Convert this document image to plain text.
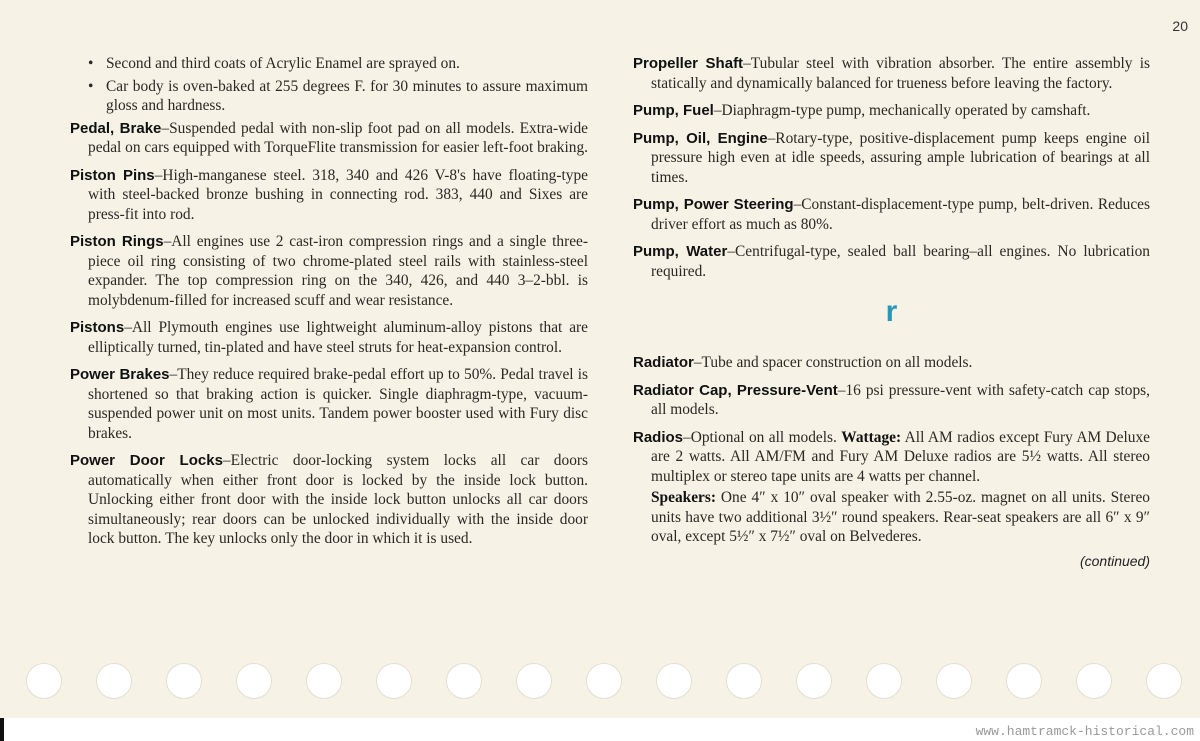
20

• Second and third coats of Acrylic Enamel are sprayed on.

• Car body is oven-baked at 255 degrees F. for 30 minutes to assure maximum gloss and hardness.

Pedal, Brake–Suspended pedal with non-slip foot pad on all models. Extra-wide pedal on cars equipped with TorqueFlite transmission for easier left-foot braking.

Piston Pins–High-manganese steel. 318, 340 and 426 V-8's have floating-type with steel-backed bronze bushing in connecting rod. 383, 440 and Sixes are press-fit into rod.

Piston Rings–All engines use 2 cast-iron compression rings and a single three-piece oil ring consisting of two chrome-plated steel rails with stainless-steel expander. The top compression ring on the 340, 426, and 440 3–2-bbl. is molybdenum-filled for increased scuff and wear resistance.

Pistons–All Plymouth engines use lightweight aluminum-alloy pistons that are elliptically turned, tin-plated and have steel struts for heat-expansion control.

Power Brakes–They reduce required brake-pedal effort up to 50%. Pedal travel is shortened so that braking action is quicker. Single diaphragm-type, vacuum-suspended power unit on most units. Tandem power booster used with Fury disc brakes.

Power Door Locks–Electric door-locking system locks all car doors automatically when either front door is locked by the inside lock button. Unlocking either front door with the inside lock button unlocks all car doors simultaneously; rear doors can be unlocked individually with the inside door lock button. The key unlocks only the door in which it is used.

Propeller Shaft–Tubular steel with vibration absorber. The entire assembly is statically and dynamically balanced for trueness before leaving the factory.

Pump, Fuel–Diaphragm-type pump, mechanically operated by camshaft.

Pump, Oil, Engine–Rotary-type, positive-displacement pump keeps engine oil pressure high even at idle speeds, assuring ample lubrication of bearings at all times.

Pump, Power Steering–Constant-displacement-type pump, belt-driven. Reduces driver effort as much as 80%.

Pump, Water–Centrifugal-type, sealed ball bearing–all engines. No lubrication required.

r

Radiator–Tube and spacer construction on all models.

Radiator Cap, Pressure-Vent–16 psi pressure-vent with safety-catch cap stops, all models.

Radios–Optional on all models. Wattage: All AM radios except Fury AM Deluxe are 2 watts. All AM/FM and Fury AM Deluxe radios are 5½ watts. All stereo multiplex or stereo tape units are 4 watts per channel.

Speakers: One 4″ x 10″ oval speaker with 2.55-oz. magnet on all units. Stereo units have two additional 3½″ round speakers. Rear-seat speakers are all 6″ x 9″ oval, except 5½″ x 7½″ oval on Belvederes.

(continued)
www.hamtramck-historical.com
